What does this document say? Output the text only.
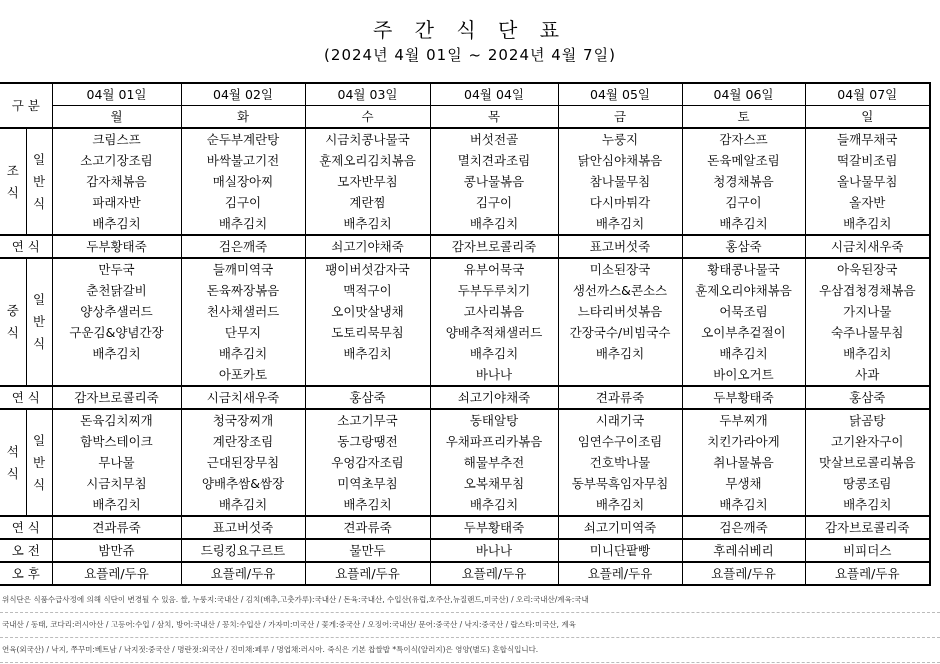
주 간 식 단 표
(2024년 4월 01일 ~ 2024년 4월 7일)
구 분		04월 01일	04월 02일	04월 03일	04월 04일	04월 05일	04월 06일	04월 07일
		월	화	수	목	금	토	일
조식	일반식	크림스프	순두부계란탕	시금치콩나물국	버섯전골	누룽지	감자스프	들깨무채국
		소고기장조림	바싹불고기전	훈제오리김치볶음	멸치견과조림	닭안심야채볶음	돈육메알조림	떡갈비조림
		감자채볶음	매실장아찌	모자반무침	콩나물볶음	참나물무침	청경채볶음	올나물무침
		파래자반	김구이	계란찜	김구이	다시마튀각	김구이	올자반
		배추김치	배추김치	배추김치	배추김치	배추김치	배추김치	배추김치
연 식		두부황태죽	검은깨죽	쇠고기야채죽	감자브로콜리죽	표고버섯죽	홍삼죽	시금치새우죽
중식	일반식	만두국	들깨미역국	팽이버섯감자국	유부어묵국	미소된장국	황태콩나물국	아욱된장국
		춘천닭갈비	돈육짜장볶음	맥적구이	두부두루치기	생선까스&콘소스	훈제오리야채볶음	우삼겹청경채볶음
		양상추샐러드	천사채샐러드	오이맛살냉채	고사리볶음	느타리버섯볶음	어묵조림	가지나물
		구운김&양념간장	단무지	도토리묵무침	양배추적채샐러드	간장국수/비빔국수	오이부추겉절이	숙주나물무침
		배추김치	배추김치	배추김치	배추김치	배추김치	배추김치	배추김치
			아포카토		바나나		바이오거트	사과
연 식		감자브로콜리죽	시금치새우죽	홍삼죽	쇠고기야채죽	견과류죽	두부황태죽	홍삼죽
석식	일반식	돈육김치찌개	청국장찌개	소고기무국	동태알탕	시래기국	두부찌개	닭곰탕
		함박스테이크	계란장조림	동그랑땡전	우채파프리카볶음	임연수구이조림	치킨가라아게	고기완자구이
		무나물	근대된장무침	우엉감자조림	해물부추전	건호박나물	취나물볶음	맛살브로콜리볶음
		시금치무침	양배추쌈&쌈장	미역초무침	오복채무침	동부묵흑임자무침	무생채	땅콩조림
		배추김치	배추김치	배추김치	배추김치	배추김치	배추김치	배추김치
연 식		견과류죽	표고버섯죽	견과류죽	두부황태죽	쇠고기미역죽	검은깨죽	감자브로콜리죽
오 전		밤만쥬	드링킹요구르트	물만두	바나나	미니단팥빵	후레쉬베리	비피더스
오 후		요플레/두유	요플레/두유	요플레/두유	요플레/두유	요플레/두유	요플레/두유	요플레/두유
위식단은 식품수급사정에 의해 식단이 변경될 수 있음. 쌀, 누룽지:국내산 / 김치(배추,고춧가루):국내산 / 돈육:국내산, 수입산(유럽,호주산,뉴질랜드,미국산) / 오리:국내산/계육:국내
국내산 / 동태, 코다리:러시아산 / 고등어:수입 / 삼치, 방어:국내산 / 꽁치:수입산 / 가자미:미국산 / 꽃게:중국산 / 오징어:국내산/ 문어:중국산 / 낙지:중국산 / 랍스타:미국산, 계육
연육(외국산) / 낙지, 쭈꾸미:베트남 / 낙지젓:중국산 / 명란젓:외국산 / 진미채:페루 / 명엽채:러시아. 죽식은 기본 찹쌀밥 *특이식(알러지)은 영양(별도) 혼합식입니다.
